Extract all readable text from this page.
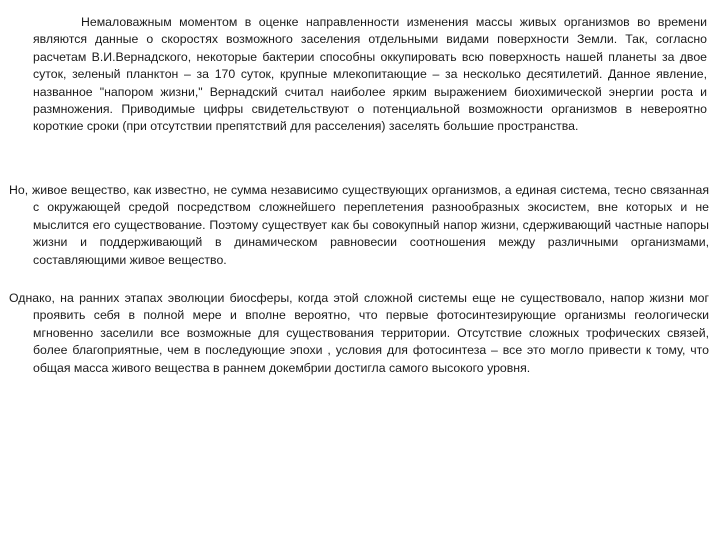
Немаловажным моментом в оценке направленности изменения массы живых организмов во времени являются данные о скоростях возможного заселения отдельными видами поверхности Земли. Так, согласно расчетам В.И.Вернадского, некоторые бактерии способны оккупировать всю поверхность нашей планеты за двое суток, зеленый планктон – за 170 суток, крупные млекопитающие – за несколько десятилетий. Данное явление, названное "напором жизни," Вернадский считал наиболее ярким выражением биохимической энергии роста и размножения. Приводимые цифры свидетельствуют о потенциальной возможности организмов в невероятно короткие сроки (при отсутствии препятствий для расселения) заселять большие пространства.

Но, живое вещество, как известно, не сумма независимо существующих организмов, а единая система, тесно связанная с окружающей средой посредством сложнейшего переплетения разнообразных экосистем, вне которых и не мыслится его существование. Поэтому существует как бы совокупный напор жизни, сдерживающий частные напоры жизни и поддерживающий в динамическом равновесии соотношения между различными организмами, составляющими живое вещество.

Однако, на ранних этапах эволюции биосферы, когда этой сложной системы еще не существовало, напор жизни мог проявить себя в полной мере и вполне вероятно, что первые фотосинтезирующие организмы геологически мгновенно заселили все возможные для существования территории. Отсутствие сложных трофических связей, более благоприятные, чем в последующие эпохи , условия для фотосинтеза – все это могло привести к тому, что общая масса живого вещества в раннем докембрии достигла самого высокого уровня.
